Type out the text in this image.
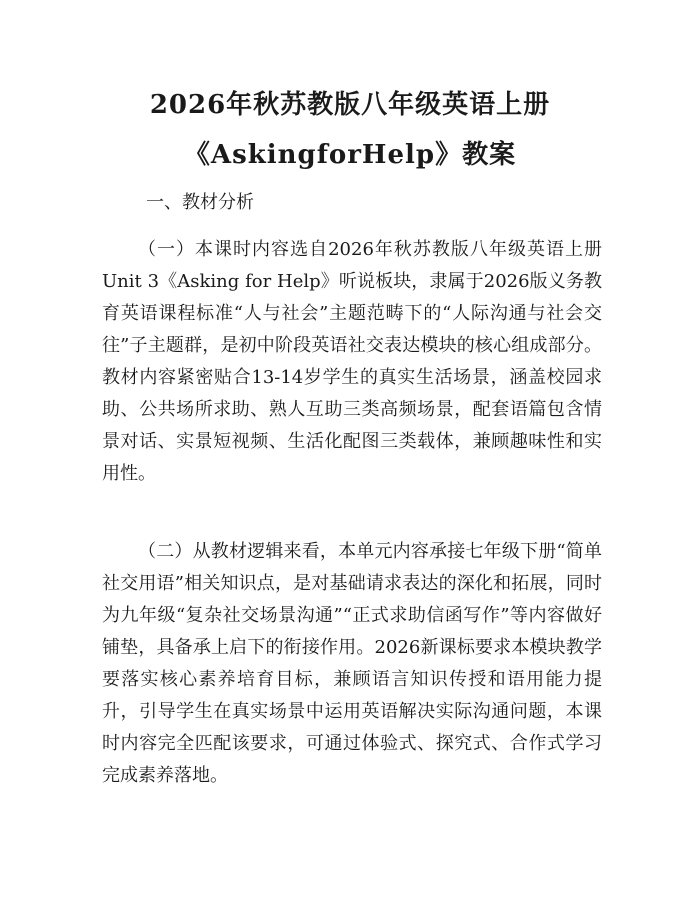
2026年秋苏教版八年级英语上册
《AskingforHelp》教案
一、教材分析
（一）本课时内容选自2026年秋苏教版八年级英语上册Unit 3《Asking for Help》听说板块，隶属于2026版义务教育英语课程标准“人与社会”主题范畴下的“人际沟通与社会交往”子主题群，是初中阶段英语社交表达模块的核心组成部分。教材内容紧密贴合13-14岁学生的真实生活场景，涵盖校园求助、公共场所求助、熟人互助三类高频场景，配套语篇包含情景对话、实景短视频、生活化配图三类载体，兼顾趣味性和实用性。
（二）从教材逻辑来看，本单元内容承接七年级下册“简单社交用语”相关知识点，是对基础请求表达的深化和拓展，同时为九年级“复杂社交场景沟通”“正式求助信函写作”等内容做好铺垫，具备承上启下的衔接作用。2026新课标要求本模块教学要落实核心素养培育目标，兼顾语言知识传授和语用能力提升，引导学生在真实场景中运用英语解决实际沟通问题，本课时内容完全匹配该要求，可通过体验式、探究式、合作式学习完成素养落地。
